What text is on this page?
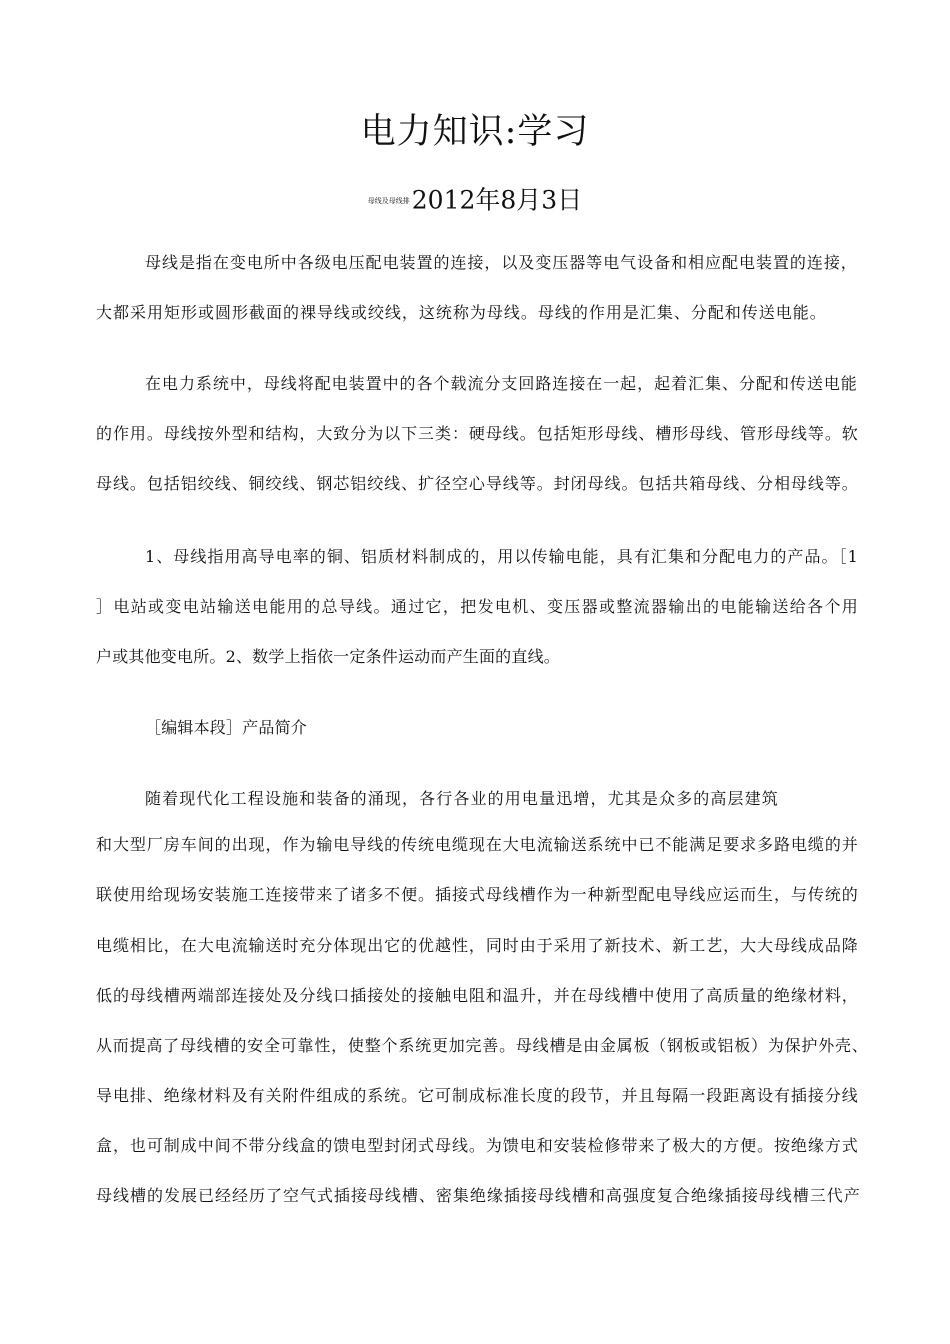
电力知识:学习
母线及母线排2012年8月3日
母线是指在变电所中各级电压配电装置的连接，以及变压器等电气设备和相应配电装置的连接，
大都采用矩形或圆形截面的裸导线或绞线，这统称为母线。母线的作用是汇集、分配和传送电能。
在电力系统中，母线将配电装置中的各个载流分支回路连接在一起，起着汇集、分配和传送电能
的作用。母线按外型和结构，大致分为以下三类：硬母线。包括矩形母线、槽形母线、管形母线等。软
母线。包括铝绞线、铜绞线、钢芯铝绞线、扩径空心导线等。封闭母线。包括共箱母线、分相母线等。
1、母线指用高导电率的铜、铝质材料制成的，用以传输电能，具有汇集和分配电力的产品。［1
］电站或变电站输送电能用的总导线。通过它，把发电机、变压器或整流器输出的电能输送给各个用
户或其他变电所。2、数学上指依一定条件运动而产生面的直线。
［编辑本段］产品简介
随着现代化工程设施和装备的涌现，各行各业的用电量迅增，尤其是众多的高层建筑
和大型厂房车间的出现，作为输电导线的传统电缆现在大电流输送系统中已不能满足要求多路电缆的并
联使用给现场安装施工连接带来了诸多不便。插接式母线槽作为一种新型配电导线应运而生，与传统的
电缆相比，在大电流输送时充分体现出它的优越性，同时由于采用了新技术、新工艺，大大母线成品降
低的母线槽两端部连接处及分线口插接处的接触电阻和温升，并在母线槽中使用了高质量的绝缘材料，
从而提高了母线槽的安全可靠性，使整个系统更加完善。母线槽是由金属板（钢板或铝板）为保护外壳、
导电排、绝缘材料及有关附件组成的系统。它可制成标准长度的段节，并且每隔一段距离设有插接分线
盒，也可制成中间不带分线盒的馈电型封闭式母线。为馈电和安装检修带来了极大的方便。按绝缘方式
母线槽的发展已经经历了空气式插接母线槽、密集绝缘插接母线槽和高强度复合绝缘插接母线槽三代产
